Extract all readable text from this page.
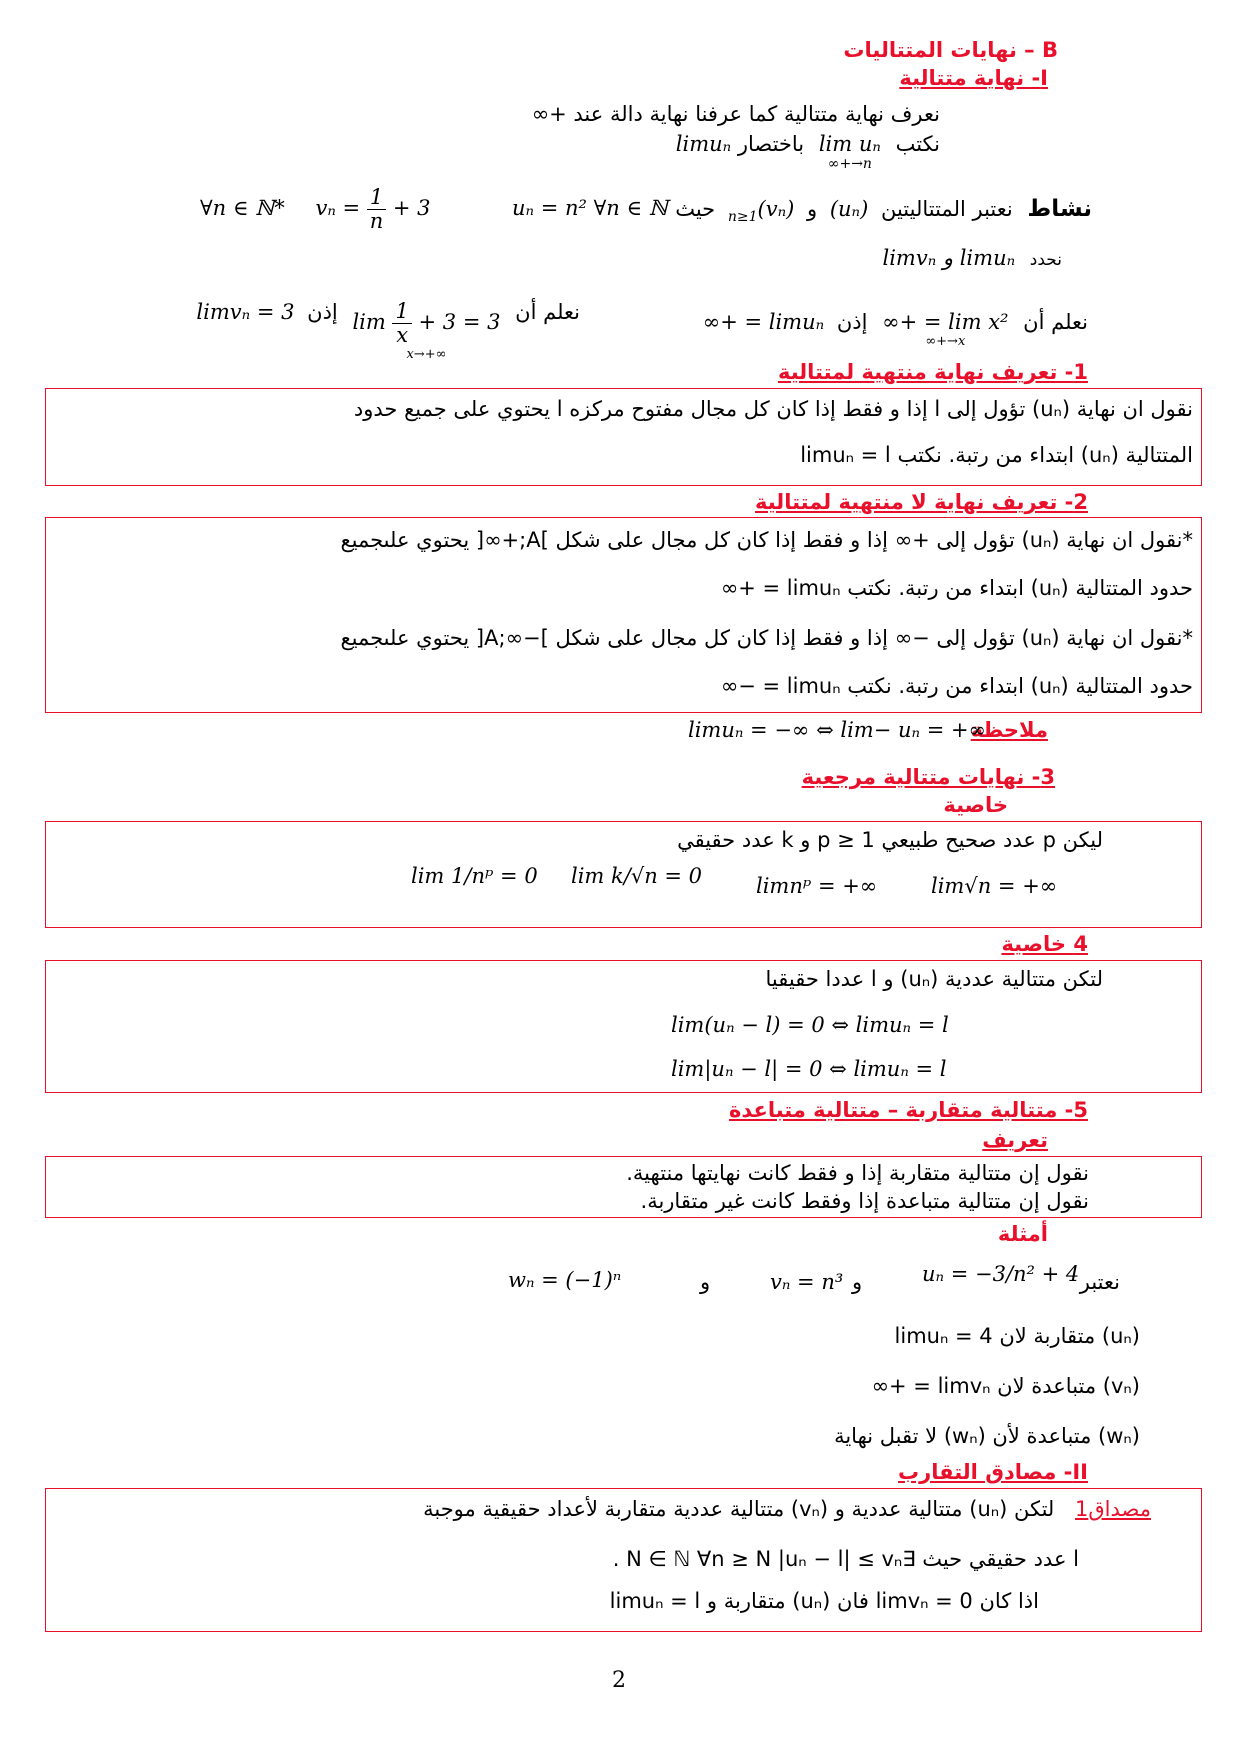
B – نهايات المتتاليات
I- نهاية متتالية
نعرف نهاية متتالية كما عرفنا نهاية دالة عند +∞
نكتب
lim uₙ
n→+∞
باختصار limuₙ
نشاط نعتبر المتتاليتين (uₙ) و $(v_n)_{n\ge 1}$ حيث
uₙ = n² ∀n ∈ ℕ
∀n ∈ ℕ* $v_n = \frac{1}{n} + 3$
نحدد limuₙ و limvₙ
نعلم أن
lim x² = +∞
x→+∞
إذن limuₙ = +∞
نعلم أن
$\lim \frac{1}{x} + 3 = 3$
x→+∞
إذن limvₙ = 3
1- تعريف نهاية منتهية لمتتالية
نقول ان نهاية (uₙ) تؤول إلى l إذا و فقط إذا كان كل مجال مفتوح مركزه l يحتوي على جميع حدود
المتتالية (uₙ) ابتداء من رتبة. نكتب limuₙ = l
2- تعريف نهاية لا منتهية لمتتالية
*نقول ان نهاية (uₙ) تؤول إلى +∞ إذا و فقط إذا كان كل مجال على شكل ]A;+∞[ يحتوي علىجميع
حدود المتتالية (uₙ) ابتداء من رتبة. نكتب limuₙ = +∞
*نقول ان نهاية (uₙ) تؤول إلى −∞ إذا و فقط إذا كان كل مجال على شكل ]−∞;A[ يحتوي علىجميع
حدود المتتالية (uₙ) ابتداء من رتبة. نكتب limuₙ = −∞
ملاحظة
limuₙ = −∞ ⇔ lim− uₙ = +∞
3- نهايات متتالية مرجعية
خاصية
ليكن p عدد صحيح طبيعي p ≥ 1 و k عدد حقيقي
lim√n = +∞
limnᵖ = +∞
lim k/√n = 0
lim 1/nᵖ = 0
4 خاصية
لتكن متتالية عددية (uₙ) و l عددا حقيقيا
lim(uₙ − l) = 0 ⇔ limuₙ = l
lim|uₙ − l| = 0 ⇔ limuₙ = l
5- متتالية متقاربة – متتالية متباعدة
تعريف
نقول إن متتالية متقاربة إذا و فقط كانت نهايتها منتهية.
نقول إن متتالية متباعدة إذا وفقط كانت غير متقاربة.
أمثلة
نعتبر
uₙ = −3/n² + 4
و
vₙ = n³
و
wₙ = (−1)ⁿ
(uₙ) متقاربة لان limuₙ = 4
(vₙ) متباعدة لان limvₙ = +∞
(wₙ) متباعدة لأن (wₙ) لا تقبل نهاية
II- مصادق التقارب
مصداق1 لتكن (uₙ) متتالية عددية و (vₙ) متتالية عددية متقاربة لأعداد حقيقية موجبة
l عدد حقيقي حيث ∃N ∈ ℕ ∀n ≥ N |uₙ − l| ≤ vₙ .
اذا كان limvₙ = 0 فان (uₙ) متقاربة و limuₙ = l
2
